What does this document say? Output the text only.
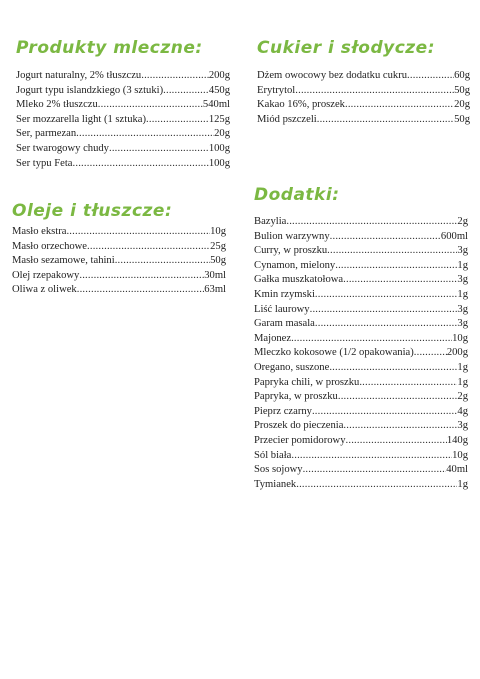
Produkty mleczne:
Jogurt naturalny, 2% tłuszczu .....	200g
Jogurt typu islandzkiego (3 sztuki) .....	450g
Mleko 2% tłuszczu .....	540ml
Ser mozzarella light (1 sztuka) .....	125g
Ser, parmezan .....	20g
Ser twarogowy chudy .....	100g
Ser typu Feta .....	100g
Cukier i słodycze:
Dżem owocowy bez dodatku cukru .....	60g
Erytrytol .....	50g
Kakao 16%, proszek .....	20g
Miód pszczeli .....	50g
Oleje i tłuszcze:
Masło ekstra .....	10g
Masło orzechowe .....	25g
Masło sezamowe, tahini .....	50g
Olej rzepakowy .....	30ml
Oliwa z oliwek .....	63ml
Dodatki:
Bazylia .....	2g
Bulion warzywny .....	600ml
Curry, w proszku .....	3g
Cynamon, mielony .....	1g
Gałka muszkatołowa .....	3g
Kmin rzymski .....	1g
Liść laurowy .....	3g
Garam masala .....	3g
Majonez .....	10g
Mleczko kokosowe (1/2 opakowania) .....	200g
Oregano, suszone .....	1g
Papryka chili, w proszku .....	1g
Papryka, w proszku .....	2g
Pieprz czarny .....	4g
Proszek do pieczenia .....	3g
Przecier pomidorowy .....	140g
Sól biała .....	10g
Sos sojowy .....	40ml
Tymianek .....	1g
